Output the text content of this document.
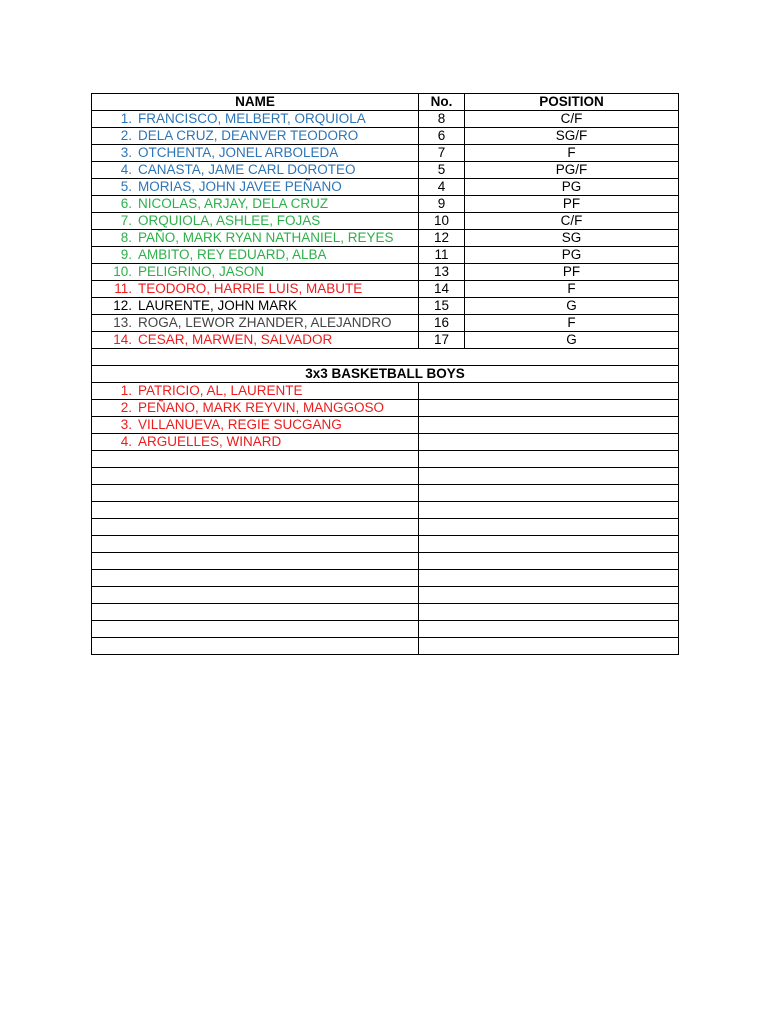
NAME	No.	POSITION
1. FRANCISCO, MELBERT, ORQUIOLA	8	C/F
2. DELA CRUZ, DEANVER TEODORO	6	SG/F
3. OTCHENTA, JONEL ARBOLEDA	7	F
4. CANASTA, JAME CARL DOROTEO	5	PG/F
5. MORIAS, JOHN JAVEE PEÑANO	4	PG
6. NICOLAS, ARJAY, DELA CRUZ	9	PF
7. ORQUIOLA, ASHLEE, FOJAS	10	C/F
8. PAÑO, MARK RYAN NATHANIEL, REYES	12	SG
9. AMBITO, REY EDUARD, ALBA	11	PG
10. PELIGRINO, JASON	13	PF
11. TEODORO, HARRIE LUIS, MABUTE	14	F
12. LAURENTE, JOHN MARK	15	G
13. ROGA, LEWOR ZHANDER, ALEJANDRO	16	F
14. CESAR, MARWEN, SALVADOR	17	G

3x3 BASKETBALL BOYS		
1. PATRICIO, AL, LAURENTE		
2. PEÑANO, MARK REYVIN, MANGGOSO		
3. VILLANUEVA, REGIE SUCGANG		
4. ARGUELLES, WINARD		
